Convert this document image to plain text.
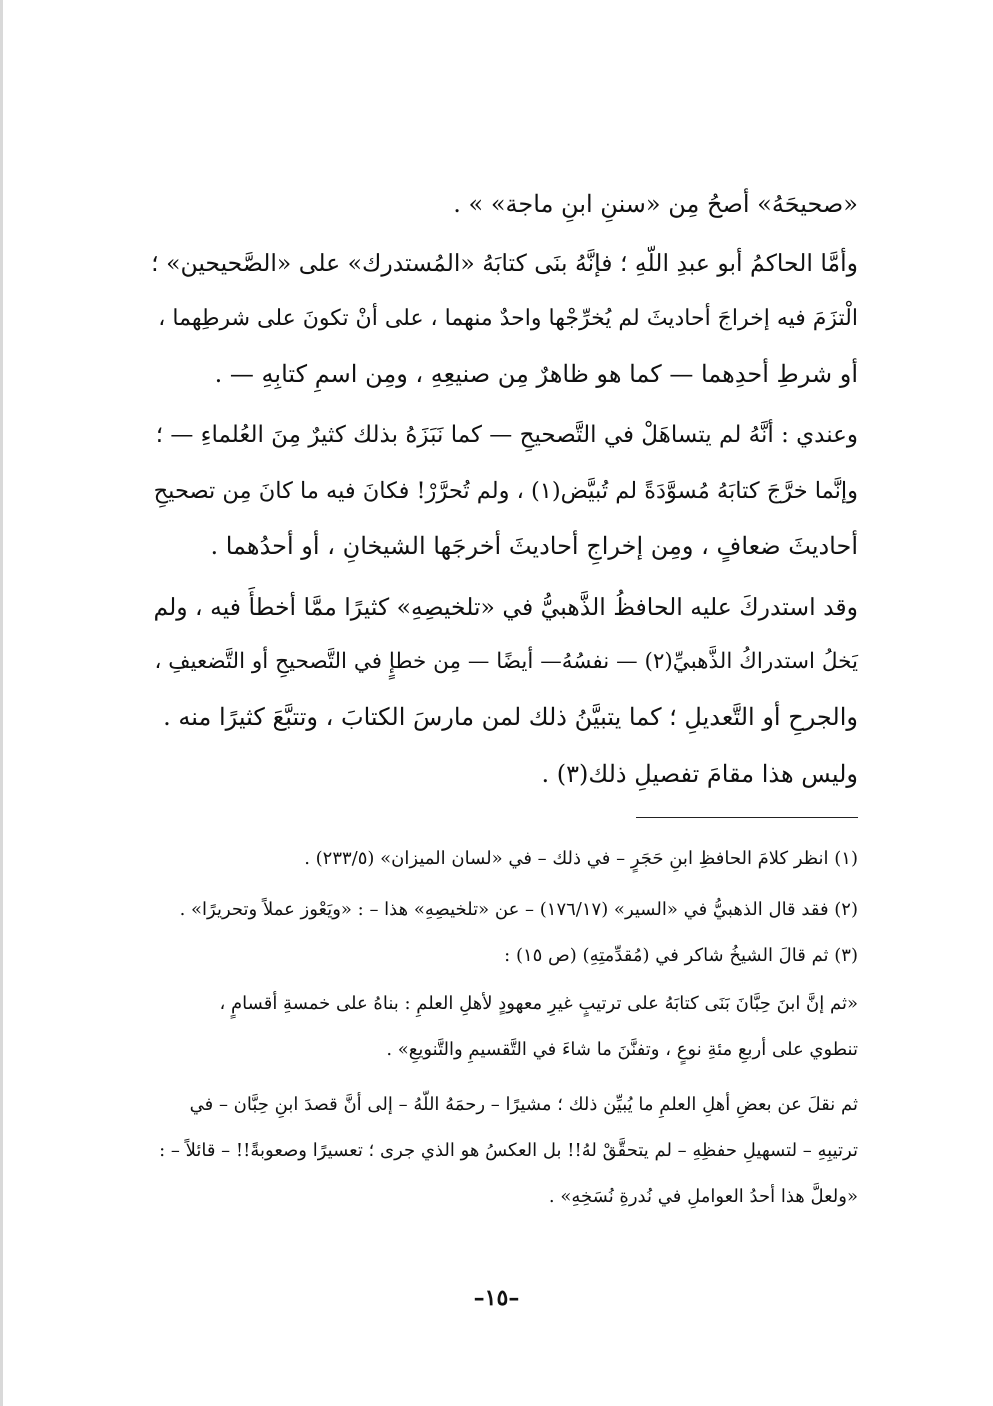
«صحيحَهُ» أصحُ مِن «سننِ ابنِ ماجة» » .
وأمَّا الحاكمُ أبو عبدِ اللّهِ ؛ فإنَّهُ بنَى كتابَهُ «المُستدرك» على «الصَّحيحين» ؛
الْتزَمَ فيه إخراجَ أحاديثَ لم يُخرِّجْها واحدٌ منهما ، على أنْ تكونَ على شرطِهما ،
أو شرطِ أحدِهما — كما هو ظاهرٌ مِن صنيعِهِ ، ومِن اسمِ كتابِهِ — .
وعندي : أنَّهُ لم يتساهَلْ في التَّصحيحِ — كما نَبَزَهُ بذلك كثيرٌ مِنَ العُلماءِ — ؛
وإنَّما خرَّجَ كتابَهُ مُسوَّدَةً لم تُبيَّض(١) ، ولم تُحرَّرْ! فكانَ فيه ما كانَ مِن تصحيحِ
أحاديثَ ضعافٍ ، ومِن إخراجِ أحاديثَ أخرجَها الشيخانِ ، أو أحدُهما .
وقد استدركَ عليه الحافظُ الذَّهبيُّ في «تلخيصِهِ» كثيرًا ممَّا أخطأَ فيه ، ولم
يَخلُ استدراكُ الذَّهبيِّ(٢) — نفسُهُ— أيضًا — مِن خطإٍ في التَّصحيحِ أو التَّضعيفِ ،
والجرحِ أو التَّعديلِ ؛ كما يتبيَّنُ ذلك لمن مارسَ الكتابَ ، وتتبَّعَ كثيرًا منه .
وليس هذا مقامَ تفصيلِ ذلك(٣) .
(١) انظر كلامَ الحافظِ ابنِ حَجَرٍ – في ذلك – في «لسان الميزان» (٢٣٣/٥) .
(٢) فقد قال الذهبيُّ في «السير» (١٧٦/١٧) – عن «تلخيصِهِ» هذا – : «ويَعْوز عملاً وتحريرًا» .
(٣) ثم قالَ الشيخُ شاكر في (مُقدِّمتِهِ) (ص ١٥) :
«ثم إنَّ ابنَ حِبَّانَ بَنَى كتابَهُ على ترتيبٍ غيرِ معهودٍ لأهلِ العلمِ : بناهُ على خمسةِ أقسامٍ ،
تنطوي على أربعِ مئةِ نوعٍ ، وتفنَّنَ ما شاءَ في التَّقسيمِ والتَّنويعِ» .
ثم نقلَ عن بعضِ أهلِ العلمِ ما يُبيِّن ذلك ؛ مشيرًا – رحمَهُ اللّهُ – إلى أنَّ قصدَ ابنِ حِبَّان – في
ترتيبِهِ – لتسهيلِ حفظِهِ – لم يتحقَّقْ لهُ!! بل العكسُ هو الذي جرى ؛ تعسيرًا وصعوبةً!! – قائلاً – :
«ولعلَّ هذا أحدُ العواملِ في نُدرةِ نُسَخِهِ» .
–١٥–
